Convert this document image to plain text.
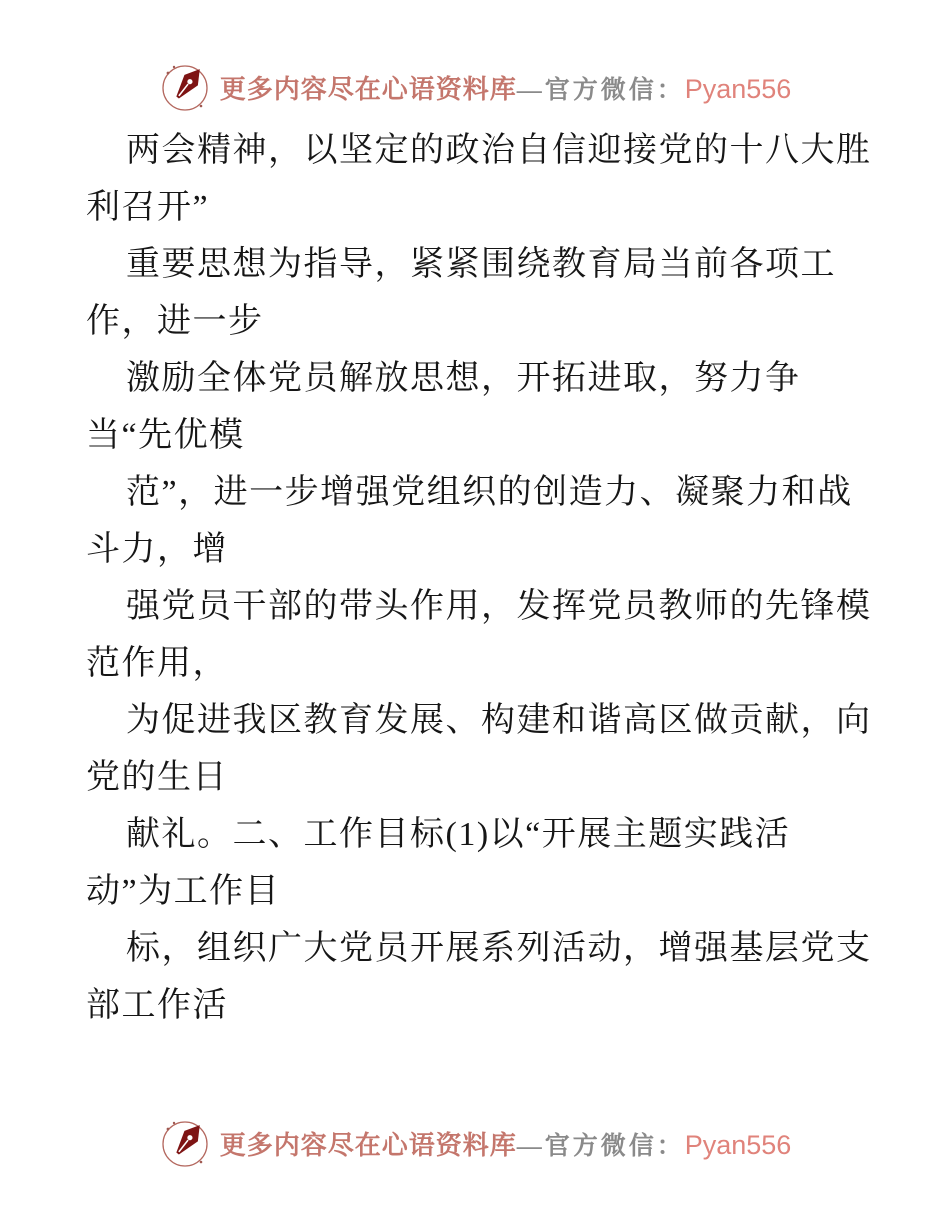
更多内容尽在心语资料库—官方微信：Pyan556
两会精神，以坚定的政治自信迎接党的十八大胜
利召开”
重要思想为指导，紧紧围绕教育局当前各项工
作，进一步
激励全体党员解放思想，开拓进取，努力争
当“先优模
范”，进一步增强党组织的创造力、凝聚力和战
斗力，增
强党员干部的带头作用，发挥党员教师的先锋模
范作用，
为促进我区教育发展、构建和谐高区做贡献，向
党的生日
献礼。二、工作目标(1)以“开展主题实践活
动”为工作目
标，组织广大党员开展系列活动，增强基层党支
部工作活
更多内容尽在心语资料库—官方微信：Pyan556
